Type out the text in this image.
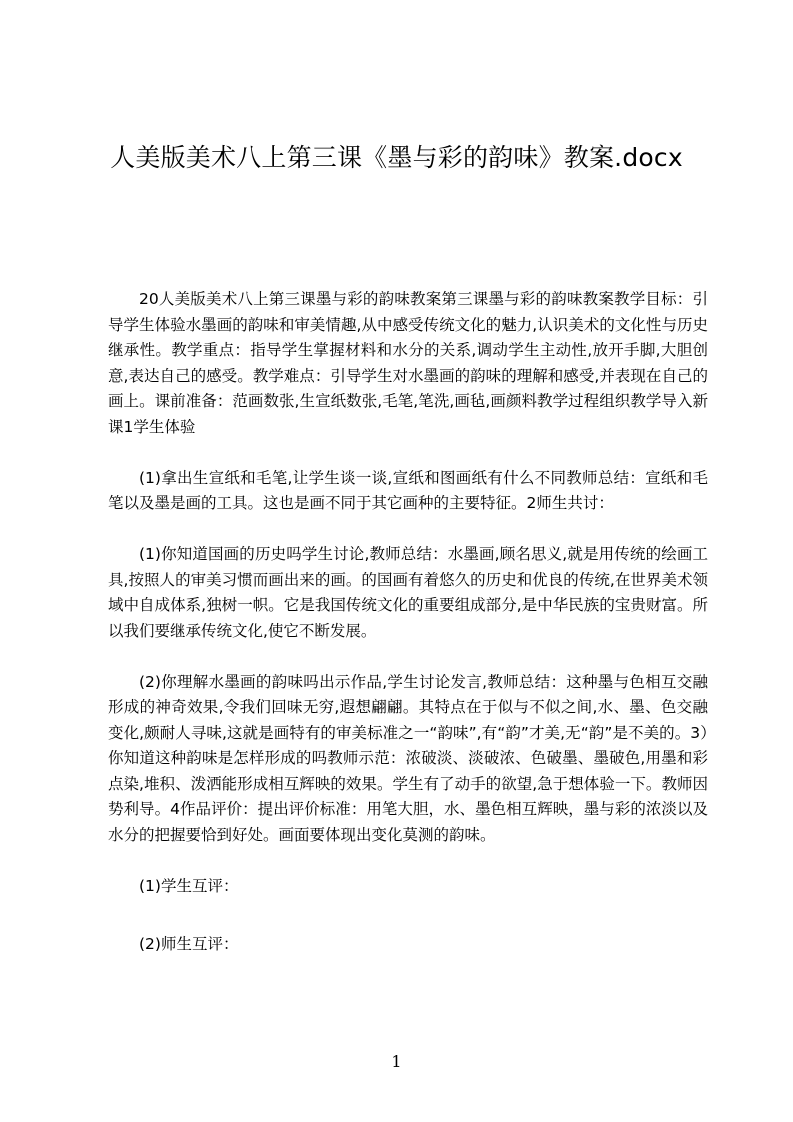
人美版美术八上第三课《墨与彩的韵味》教案.docx

20人美版美术八上第三课墨与彩的韵味教案第三课墨与彩的韵味教案教学目标：引导学生体验水墨画的韵味和审美情趣,从中感受传统文化的魅力,认识美术的文化性与历史继承性。教学重点：指导学生掌握材料和水分的关系,调动学生主动性,放开手脚,大胆创意,表达自己的感受。教学难点：引导学生对水墨画的韵味的理解和感受,并表现在自己的画上。课前准备：范画数张,生宣纸数张,毛笔,笔洗,画毡,画颜料教学过程组织教学导入新课1学生体验

(1)拿出生宣纸和毛笔,让学生谈一谈,宣纸和图画纸有什么不同教师总结：宣纸和毛笔以及墨是画的工具。这也是画不同于其它画种的主要特征。2师生共讨：

(1)你知道国画的历史吗学生讨论,教师总结：水墨画,顾名思义,就是用传统的绘画工具,按照人的审美习惯而画出来的画。的国画有着悠久的历史和优良的传统,在世界美术领域中自成体系,独树一帜。它是我国传统文化的重要组成部分,是中华民族的宝贵财富。所以我们要继承传统文化,使它不断发展。

(2)你理解水墨画的韵味吗出示作品,学生讨论发言,教师总结：这种墨与色相互交融形成的神奇效果,令我们回味无穷,遐想翩翩。其特点在于似与不似之间,水、墨、色交融变化,颇耐人寻味,这就是画特有的审美标准之一“韵味”,有“韵”才美,无“韵”是不美的。3）你知道这种韵味是怎样形成的吗教师示范：浓破淡、淡破浓、色破墨、墨破色,用墨和彩点染,堆积、泼洒能形成相互辉映的效果。学生有了动手的欲望,急于想体验一下。教师因势利导。4作品评价：提出评价标准：用笔大胆，水、墨色相互辉映，墨与彩的浓淡以及水分的把握要恰到好处。画面要体现出变化莫测的韵味。

(1)学生互评：

(2)师生互评：

1
